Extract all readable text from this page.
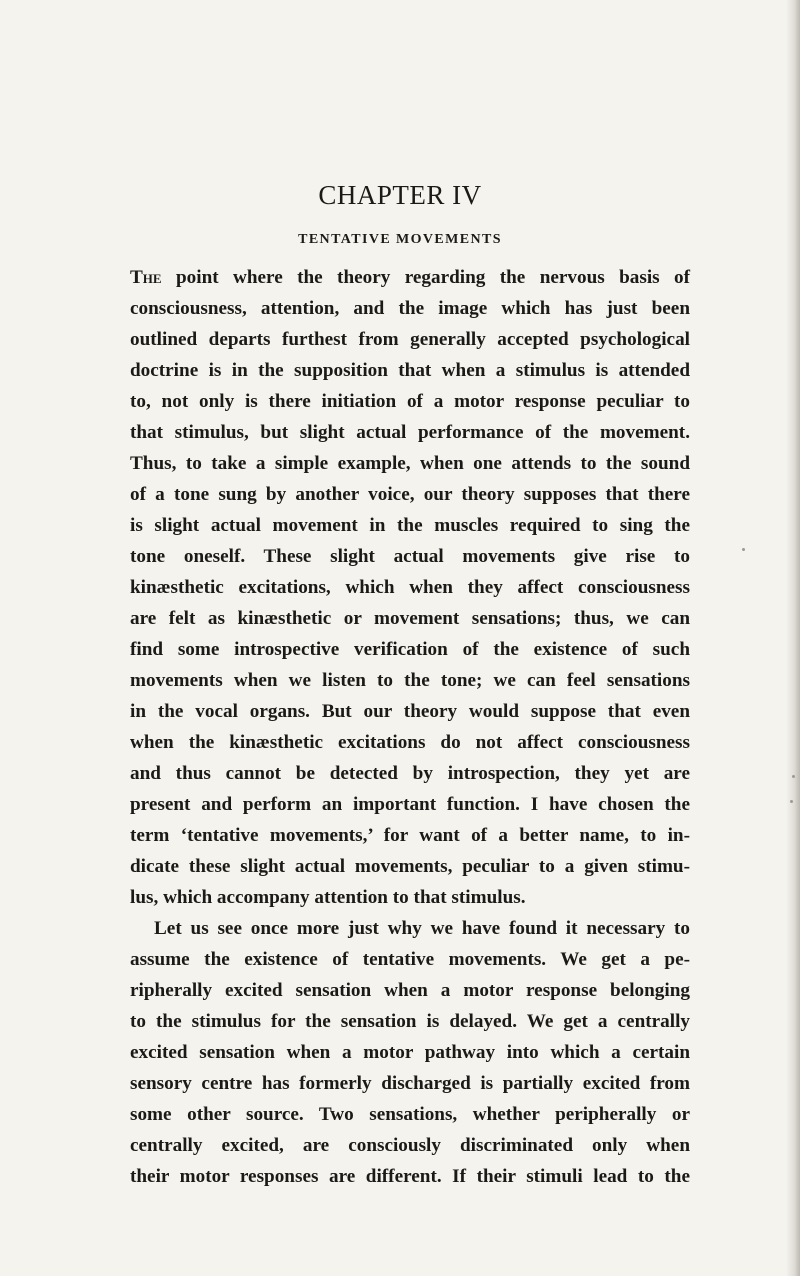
CHAPTER IV
TENTATIVE MOVEMENTS
The point where the theory regarding the nervous basis of
consciousness, attention, and the image which has just been
outlined departs furthest from generally accepted psychological
doctrine is in the supposition that when a stimulus is attended
to, not only is there initiation of a motor response peculiar to
that stimulus, but slight actual performance of the movement.
Thus, to take a simple example, when one attends to the sound
of a tone sung by another voice, our theory supposes that there
is slight actual movement in the muscles required to sing the
tone oneself. These slight actual movements give rise to
kinæsthetic excitations, which when they affect consciousness
are felt as kinæsthetic or movement sensations; thus, we can
find some introspective verification of the existence of such
movements when we listen to the tone; we can feel sensations
in the vocal organs. But our theory would suppose that even
when the kinæsthetic excitations do not affect consciousness
and thus cannot be detected by introspection, they yet are
present and perform an important function. I have chosen the
term ‘tentative movements,’ for want of a better name, to in-
dicate these slight actual movements, peculiar to a given stimu-
lus, which accompany attention to that stimulus.
Let us see once more just why we have found it necessary to
assume the existence of tentative movements. We get a pe-
ripherally excited sensation when a motor response belonging
to the stimulus for the sensation is delayed. We get a centrally
excited sensation when a motor pathway into which a certain
sensory centre has formerly discharged is partially excited from
some other source. Two sensations, whether peripherally or
centrally excited, are consciously discriminated only when
their motor responses are different. If their stimuli lead to the
